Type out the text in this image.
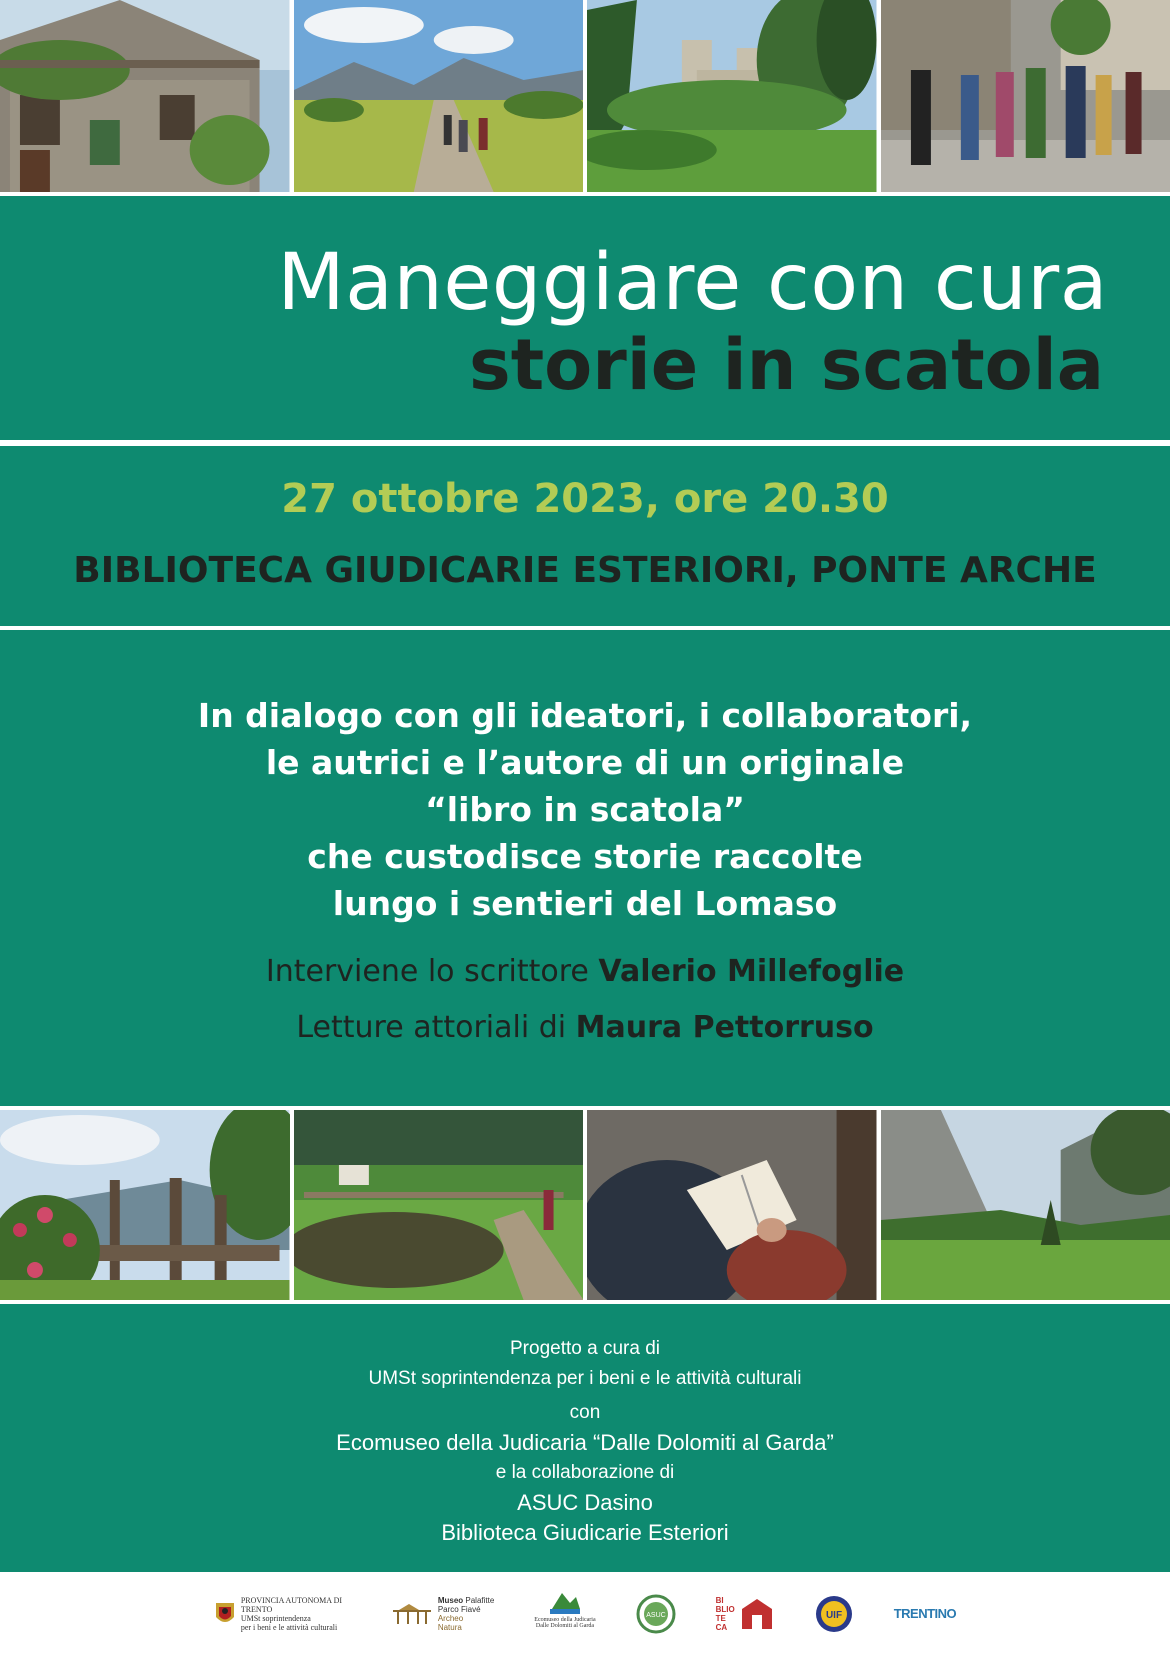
Maneggiare con cura
storie in scatola
27 ottobre 2023, ore 20.30
BIBLIOTECA GIUDICARIE ESTERIORI, PONTE ARCHE
In dialogo con gli ideatori, i collaboratori,
le autrici e l’autore di un originale
“libro in scatola”
che custodisce storie raccolte
lungo i sentieri del Lomaso
Interviene lo scrittore Valerio Millefoglie
Letture attoriali di Maura Pettorruso
Progetto a cura di
UMSt soprintendenza per i beni e le attività culturali
con
Ecomuseo della Judicaria “Dalle Dolomiti al Garda”
e la collaborazione di
ASUC Dasino
Biblioteca Giudicarie Esteriori
PROVINCIA AUTONOMA DI TRENTO
UMSt soprintendenza
per i beni e le attività culturali
Museo Palafitte
Parco Fiavé
Archeo
Natura
Ecomuseo della Judicaria
Dalle Dolomiti al Garda
ASUC
BI
BLIO
TE
CA
UIF	TRENTINO
